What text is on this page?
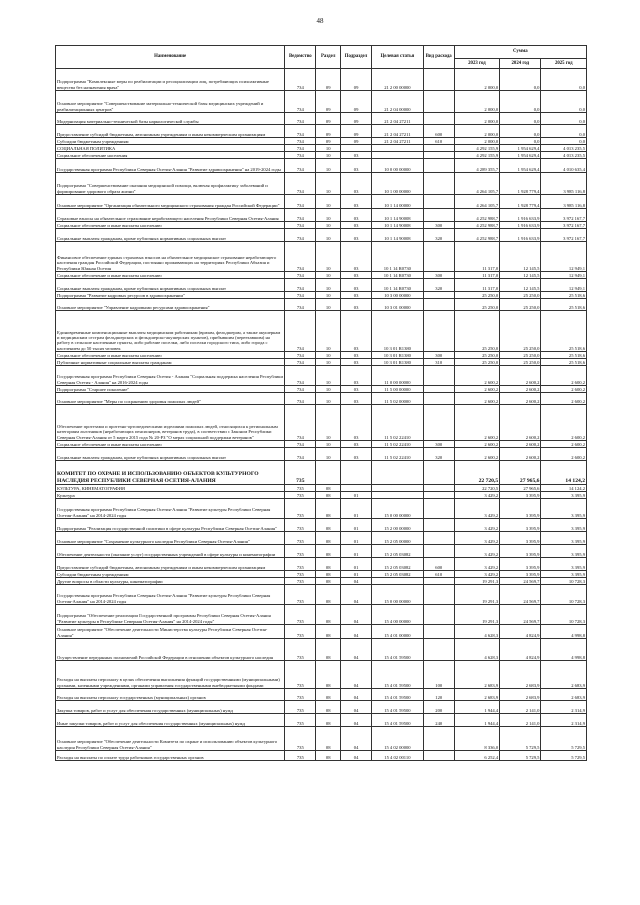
48
Наименование	Ведомство	Раздел	Подраздел	Целевая статья	Вид расхода	Сумма		
						2023 год	2024 год	2025 год
Подпрограмма "Комплексные меры по реабилитации и ресоциализации лиц, потребляющих психоактивные вещества без назначения врача"	734	09	09	21 2 00 00000		2 000,0	0,0	0,0
Основное мероприятие "Совершенствование материально-технической базы медицинских учреждений и реабилитационных центров"	734	09	09	21 2 04 00000		2 000,0	0,0	0,0
Модернизация материально-технической базы наркологической службы	734	09	09	21 2 04 27211		2 000,0	0,0	0,0
Предоставление субсидий бюджетным, автономным учреждениям и иным некоммерческим организациям	734	09	09	21 2 04 27211	600	2 000,0	0,0	0,0
Субсидии бюджетным учреждениям	734	09	09	21 2 04 27211	610	2 000,0	0,0	0,0
СОЦИАЛЬНАЯ ПОЛИТИКА	734	10				4 292 155,9	1 954 629,4	4 013 235,5
Социальное обеспечение населения	734	10	03			4 292 155,9	1 954 629,4	4 013 235,5
Государственная программа Республики Северная Осетия-Алания "Развитие здравоохранения" на 2019-2024 годы	734	10	03	10 0 00 00000		4 289 355,7	1 954 629,4	4 010 635,4
Подпрограмма "Совершенствование оказания медицинской помощи, включая профилактику заболеваний и формирование здорового образа жизни"	734	10	03	10 1 00 00000		4 264 105,7	1 928 779,4	3 985 116,8
Основное мероприятие "Организация обязательного медицинского страхования граждан Российской Федерации"	734	10	03	10 1 14 00000		4 264 105,7	1 928 779,4	3 985 116,8
Страховые взносы на обязательное страхование неработающего населения Республики Северная Осетия-Алания	734	10	03	10 1 14 90008		4 252 988,7	1 916 633,9	3 972 167,7
Социальное обеспечение и иные выплаты населению	734	10	03	10 1 14 90008	300	4 252 988,7	1 916 633,9	3 972 167,7
Социальные выплаты гражданам, кроме публичных нормативных социальных выплат	734	10	03	10 1 14 90008	320	4 252 988,7	1 916 633,9	3 972 167,7
Финансовое обеспечение единых страховых взносов на обязательное медицинское страхование неработающего населения граждан Российской Федерации, постоянно проживающих на территориях Республики Абхазия и Республики Южная Осетия	734	10	03	10 1 14 R0730		11 317,0	12 145,5	12 949,1
Социальное обеспечение и иные выплаты населению	734	10	03	10 1 14 R0730	300	11 317,0	12 145,5	12 949,1
Социальные выплаты гражданам, кроме публичных нормативных социальных выплат	734	10	03	10 1 14 R0730	320	11 317,0	12 145,5	12 949,1
Подпрограмма "Развитие кадровых ресурсов в здравоохранении"	734	10	03	10 3 00 00000		25 250,0	25 250,0	25 518,6
Основное мероприятие "Управление кадровыми ресурсами здравоохранения"	734	10	03	10 3 01 00000		25 250,0	25 250,0	25 518,6
Единовременные компенсационные выплаты медицинским работникам (врачам, фельдшерам, а также акушеркам и медицинским сестрам фельдшерских и фельдшерско-акушерских пунктов), прибывшим (переехавшим) на работу в сельские населенные пункты, либо рабочие поселки, либо поселки городского типа, либо города с населением до 50 тысяч человек	734	10	03	10 3 01 R1380		25 250,0	25 250,0	25 518,6
Социальное обеспечение и иные выплаты населению	734	10	03	10 3 01 R1380	300	25 250,0	25 250,0	25 518,6
Публичные нормативные социальные выплаты гражданам	734	10	03	10 3 01 R1380	310	25 250,0	25 250,0	25 518,6
Государственная программа Республики Северная Осетия - Алания "Социальная поддержка населения Республики Северная Осетия - Алания" на 2016-2024 годы	734	10	03	11 0 00 00000		2 600,2	2 600,2	2 600,2
Подпрограмма "Старшее поколение"	734	10	03	11 5 00 00000		2 600,2	2 600,2	2 600,2
Основное мероприятие "Меры по сохранению здоровья пожилых людей"	734	10	03	11 5 02 00000		2 600,2	2 600,2	2 600,2
Обеспечение протезами и протезно-ортопедическими изделиями пожилых людей, относящихся к региональным категориям льготников (неработающих пенсионеров, ветеранов труда), в соответствии с Законом Республики Северная Осетия-Алания от 5 марта 2015 года № 20-РЗ "О мерах социальной поддержки ветеранов"	734	10	03	11 5 02 22410		2 600,2	2 600,2	2 600,2
Социальное обеспечение и иные выплаты населению	734	10	03	11 5 02 22410	300	2 600,2	2 600,2	2 600,2
Социальные выплаты гражданам, кроме публичных нормативных социальных выплат	734	10	03	11 5 02 22410	320	2 600,2	2 600,2	2 600,2
КОМИТЕТ ПО ОХРАНЕ И ИСПОЛЬЗОВАНИЮ ОБЪЕКТОВ КУЛЬТУРНОГО НАСЛЕДИЯ РЕСПУБЛИКИ СЕВЕРНАЯ ОСЕТИЯ-АЛАНИЯ	735					22 720,5	27 965,6	14 124,2
КУЛЬТУРА, КИНЕМАТОГРАФИЯ	735	08				22 720,5	27 965,6	14 124,2
Культура	735	08	01			3 429,2	3 395,9	3 395,9
Государственная программа Республики Северная Осетия-Алания "Развитие культуры Республики Северная Осетия-Алания" на 2014-2024 годы	735	08	01	15 0 00 00000		3 429,2	3 395,9	3 395,9
Подпрограмма "Реализация государственной политики в сфере культуры Республики Северная Осетия-Алания"	735	08	01	15 2 00 00000		3 429,2	3 395,9	3 395,9
Основное мероприятие "Сохранение культурного наследия Республики Северная Осетия-Алания"	735	08	01	15 2 05 00000		3 429,2	3 395,9	3 395,9
Обеспечение деятельности (оказание услуг) государственных учреждений в сфере культуры и кинематографии	735	08	01	15 2 05 03082		3 429,2	3 395,9	3 395,9
Предоставление субсидий бюджетным, автономным учреждениям и иным некоммерческим организациям	735	08	01	15 2 05 03082	600	3 429,2	3 395,9	3 395,9
Субсидии бюджетным учреждениям	735	08	01	15 2 05 03082	610	3 429,2	3 395,9	3 395,9
Другие вопросы в области культуры, кинематографии	735	08	04			19 291,3	24 569,7	10 728,3
Государственная программа Республики Северная Осетия-Алания "Развитие культуры Республики Северная Осетия-Алания" на 2014-2024 годы	735	08	04	15 0 00 00000		19 291,3	24 569,7	10 728,3
Подпрограмма "Обеспечение реализации Государственной программы Республики Северная Осетия-Алания "Развитие культуры в Республике Северная Осетия-Алания" на 2014-2024 годы"	735	08	04	15 4 00 00000		19 291,3	24 569,7	10 728,3
Основное мероприятие "Обеспечение деятельности Министерства культуры Республики Северная Осетия-Алания"	735	08	04	15 4 01 00000		4 628,3	4 824,9	4 998,8
Осуществление переданных полномочий Российской Федерации в отношении объектов культурного наследия	735	08	04	15 4 01 59500		4 628,3	4 824,9	4 998,8
Расходы на выплаты персоналу в целях обеспечения выполнения функций государственными (муниципальными) органами, казенными учреждениями, органами управления государственными внебюджетными фондами	735	08	04	15 4 01 59500	100	2 683,9	2 683,9	2 683,9
Расходы на выплаты персоналу государственных (муниципальных) органов	735	08	04	15 4 01 59500	120	2 683,9	2 683,9	2 683,9
Закупка товаров, работ и услуг для обеспечения государственных (муниципальных) нужд	735	08	04	15 4 01 59500	200	1 944,4	2 141,0	2 314,9
Иные закупки товаров, работ и услуг для обеспечения государственных (муниципальных) нужд	735	08	04	15 4 01 59500	240	1 944,4	2 141,0	2 314,9
Основное мероприятие "Обеспечение деятельности Комитета по охране и использованию объектов культурного наследия Республики Северная Осетия-Алания"	735	08	04	15 4 02 00000		8 336,0	5 729,5	5 729,5
Расходы на выплаты по оплате труда работников государственных органов	735	08	04	15 4 02 00110		6 252,4	5 729,5	5 729,5
